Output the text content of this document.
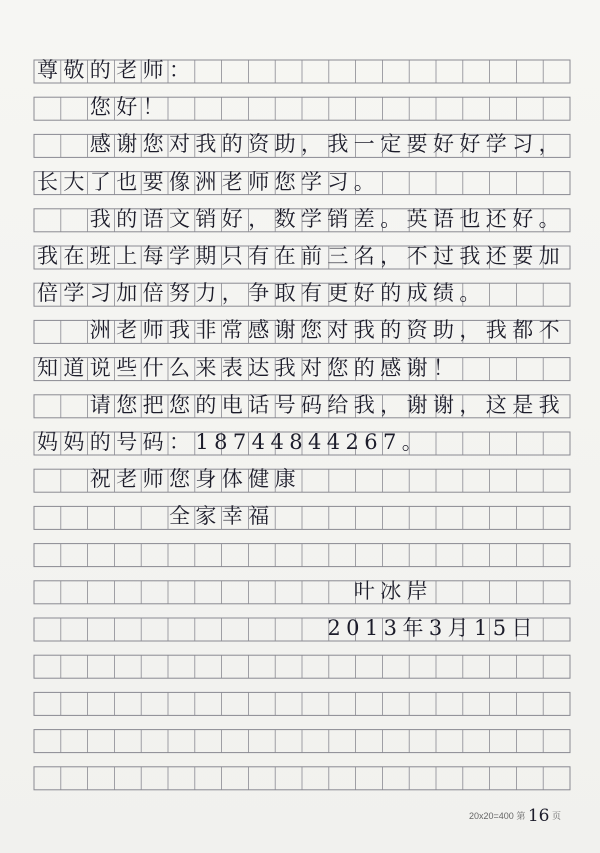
尊敬的老师：
　　您好！
　　感谢您对我的资助，我一定要好好学习，
长大了也要像洲老师您学习。
　　我的语文销好，数学销差。英语也还好。
我在班上每学期只有在前三名，不过我还要加
倍学习加倍努力，争取有更好的成绩。
　　洲老师我非常感谢您对我的资助，我都不
知道说些什么来表达我对您的感谢！
　　请您把您的电话号码给我，谢谢，这是我
妈妈的号码：18744844267。
　　祝老师您身体健康
　　　　　全家幸福
　　　　　　　　　　　　叶冰岸
　　　　　　　　　　　2013年3月15日
20x20=400 第 16 页
